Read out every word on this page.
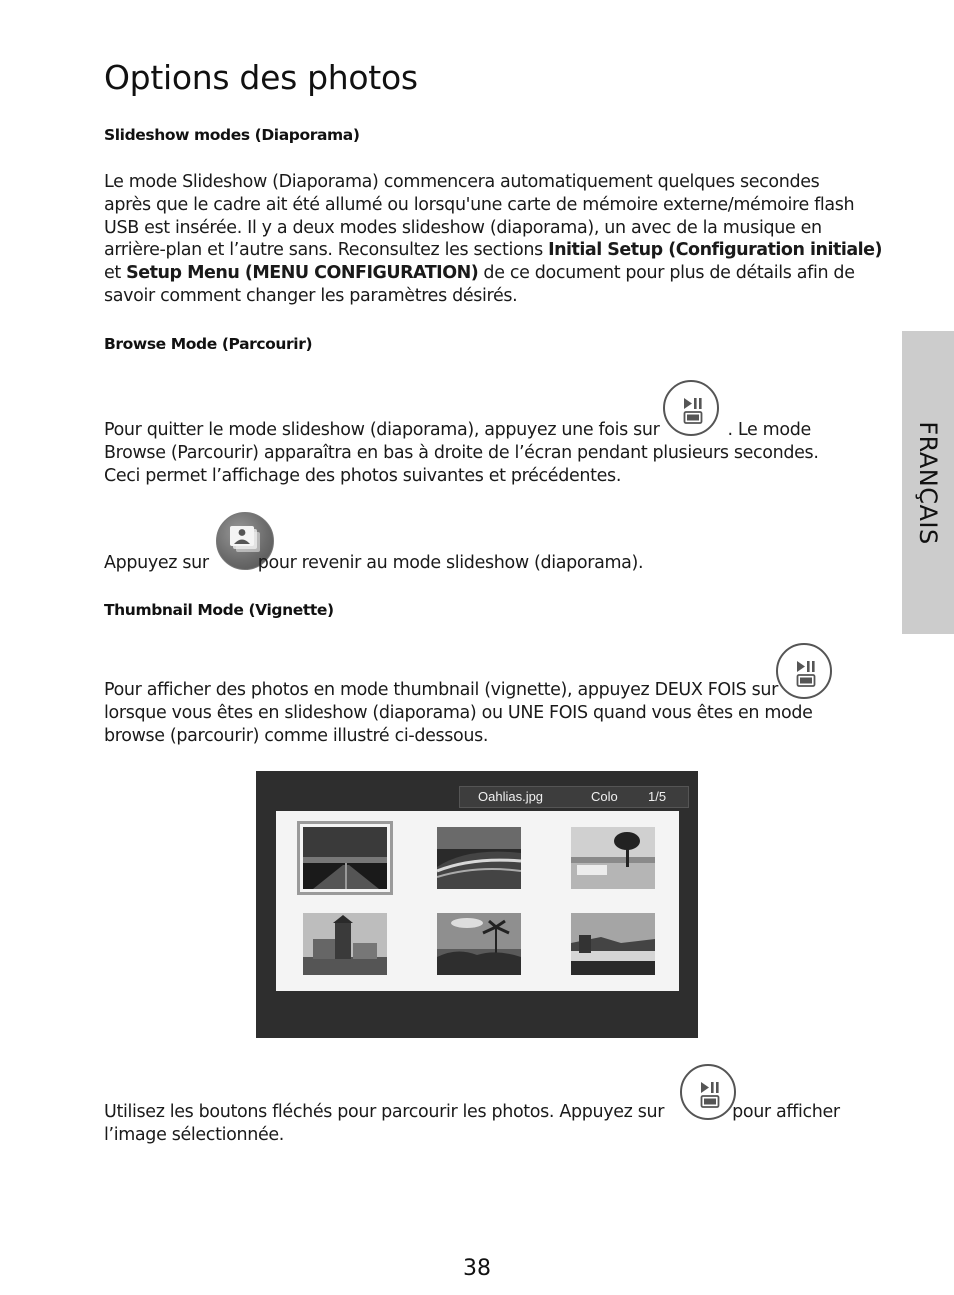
Options des photos
FRANÇAIS
Slideshow modes (Diaporama)
Le mode Slideshow (Diaporama) commencera automatiquement quelques secondes
après que le cadre ait été allumé ou lorsqu'une carte de mémoire externe/mémoire flash
USB est insérée. Il y a deux modes slideshow (diaporama), un avec de la musique en
arrière-plan et l’autre sans. Reconsultez les sections Initial Setup (Configuration initiale)
et Setup Menu (MENU CONFIGURATION) de ce document pour plus de détails afin de
savoir comment changer les paramètres désirés.
Browse Mode (Parcourir)
Pour quitter le mode slideshow (diaporama), appuyez une fois sur	. Le mode
Browse (Parcourir) apparaîtra en bas à droite de l’écran pendant plusieurs secondes.
Ceci permet l’affichage des photos suivantes et précédentes.
Appuyez sur	pour revenir au mode slideshow (diaporama).
Thumbnail Mode (Vignette)
Pour afficher des photos en mode thumbnail (vignette), appuyez DEUX FOIS sur
lorsque vous êtes en slideshow (diaporama) ou UNE FOIS quand vous êtes en mode
browse (parcourir) comme illustré ci-dessous.
Oahlias.jpg	Colo 1/5
Utilisez les boutons fléchés pour parcourir les photos. Appuyez sur	pour afficher
l’image sélectionnée.
38
